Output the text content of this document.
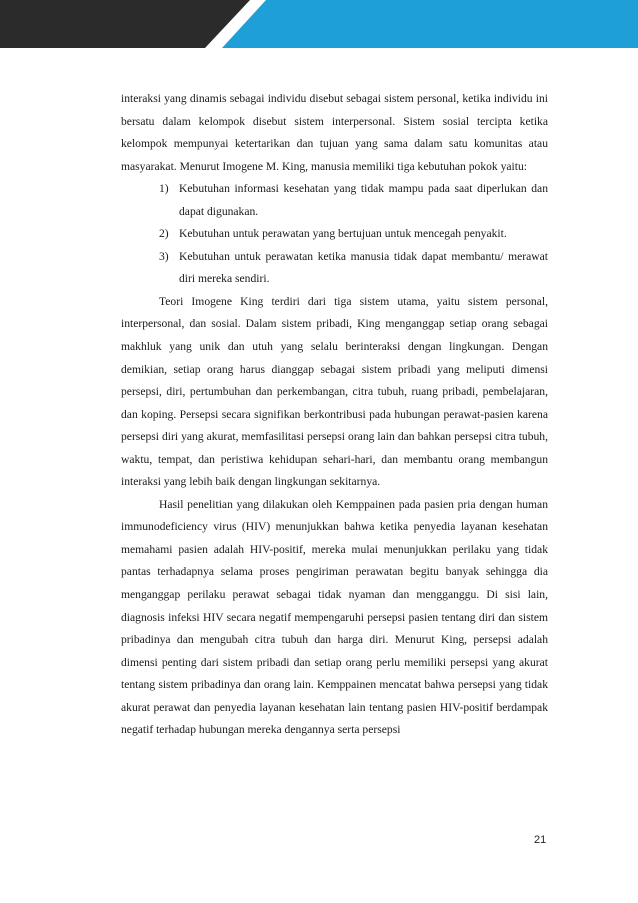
interaksi yang dinamis sebagai individu disebut sebagai sistem personal, ketika individu ini bersatu dalam kelompok disebut sistem interpersonal. Sistem sosial tercipta ketika kelompok mempunyai ketertarikan dan tujuan yang sama dalam satu komunitas atau masyarakat. Menurut Imogene M. King, manusia memiliki tiga kebutuhan pokok yaitu:

1) Kebutuhan informasi kesehatan yang tidak mampu pada saat diperlukan dan dapat digunakan.
2) Kebutuhan untuk perawatan yang bertujuan untuk mencegah penyakit.
3) Kebutuhan untuk perawatan ketika manusia tidak dapat membantu/ merawat diri mereka sendiri.

Teori Imogene King terdiri dari tiga sistem utama, yaitu sistem personal, interpersonal, dan sosial. Dalam sistem pribadi, King menganggap setiap orang sebagai makhluk yang unik dan utuh yang selalu berinteraksi dengan lingkungan. Dengan demikian, setiap orang harus dianggap sebagai sistem pribadi yang meliputi dimensi persepsi, diri, pertumbuhan dan perkembangan, citra tubuh, ruang pribadi, pembelajaran, dan koping. Persepsi secara signifikan berkontribusi pada hubungan perawat-pasien karena persepsi diri yang akurat, memfasilitasi persepsi orang lain dan bahkan persepsi citra tubuh, waktu, tempat, dan peristiwa kehidupan sehari-hari, dan membantu orang membangun interaksi yang lebih baik dengan lingkungan sekitarnya.

Hasil penelitian yang dilakukan oleh Kemppainen pada pasien pria dengan human immunodeficiency virus (HIV) menunjukkan bahwa ketika penyedia layanan kesehatan memahami pasien adalah HIV-positif, mereka mulai menunjukkan perilaku yang tidak pantas terhadapnya selama proses pengiriman perawatan begitu banyak sehingga dia menganggap perilaku perawat sebagai tidak nyaman dan mengganggu. Di sisi lain, diagnosis infeksi HIV secara negatif mempengaruhi persepsi pasien tentang diri dan sistem pribadinya dan mengubah citra tubuh dan harga diri. Menurut King, persepsi adalah dimensi penting dari sistem pribadi dan setiap orang perlu memiliki persepsi yang akurat tentang sistem pribadinya dan orang lain. Kemppainen mencatat bahwa persepsi yang tidak akurat perawat dan penyedia layanan kesehatan lain tentang pasien HIV-positif berdampak negatif terhadap hubungan mereka dengannya serta persepsi

21
